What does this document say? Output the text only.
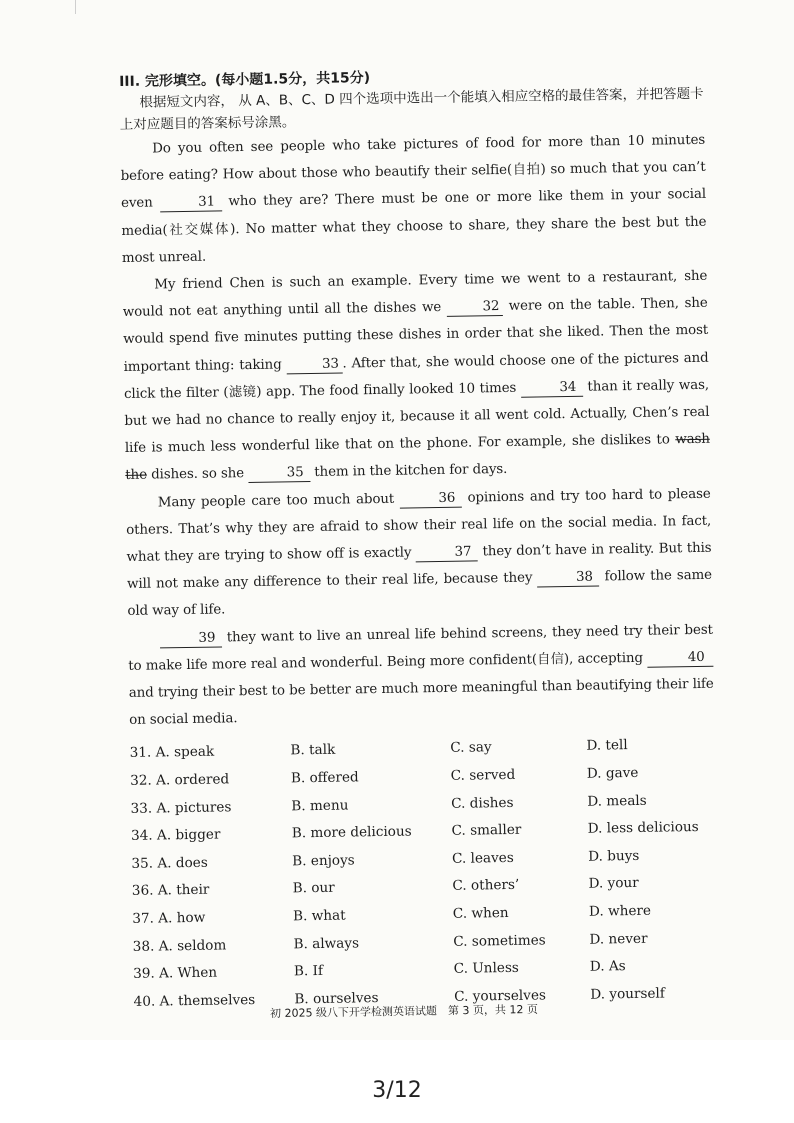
III. 完形填空。(每小题1.5分，共15分)

根据短文内容， 从 A、B、C、D 四个选项中选出一个能填入相应空格的最佳答案，并把答题卡上对应题目的答案标号涂黑。

Do you often see people who take pictures of food for more than 10 minutes before eating? How about those who beautify their selfie(自拍) so much that you can’t even	31 who they are? There must be one or more like them in your social media(社交媒体). No matter what they choose to share, they share the best but the most unreal.

My friend Chen is such an example. Every time we went to a restaurant, she would not eat anything until all the dishes we	32 were on the table. Then, she would spend five minutes putting these dishes in order that she liked. Then the most important thing: taking	33 . After that, she would choose one of the pictures and click the filter (滤镜) app. The food finally looked 10 times	34 than it really was, but we had no chance to really enjoy it, because it all went cold. Actually, Chen’s real life is much less wonderful like that on the phone. For example, she dislikes to wash the dishes. so she	35 them in the kitchen for days.

Many people care too much about	36 opinions and try too hard to please others. That’s why they are afraid to show their real life on the social media. In fact, what they are trying to show off is exactly	37 they don’t have in reality. But this will not make any difference to their real life, because they	38 follow the same old way of life.

39 they want to live an unreal life behind screens, they need try their best to make life more real and wonderful. Being more confident(自信), accepting	40 and trying their best to be better are much more meaningful than beautifying their life on social media.

31. A. speak	B. talk	C. say	D. tell
32. A. ordered	B. offered	C. served	D. gave
33. A. pictures	B. menu	C. dishes	D. meals
34. A. bigger	B. more delicious	C. smaller	D. less delicious
35. A. does	B. enjoys	C. leaves	D. buys
36. A. their	B. our	C. others’	D. your
37. A. how	B. what	C. when	D. where
38. A. seldom	B. always	C. sometimes	D. never
39. A. When	B. If	C. Unless	D. As
40. A. themselves	B. ourselves	C. yourselves	D. yourself
初 2025 级八下开学检测英语试题　第 3 页，共 12 页
3/12
